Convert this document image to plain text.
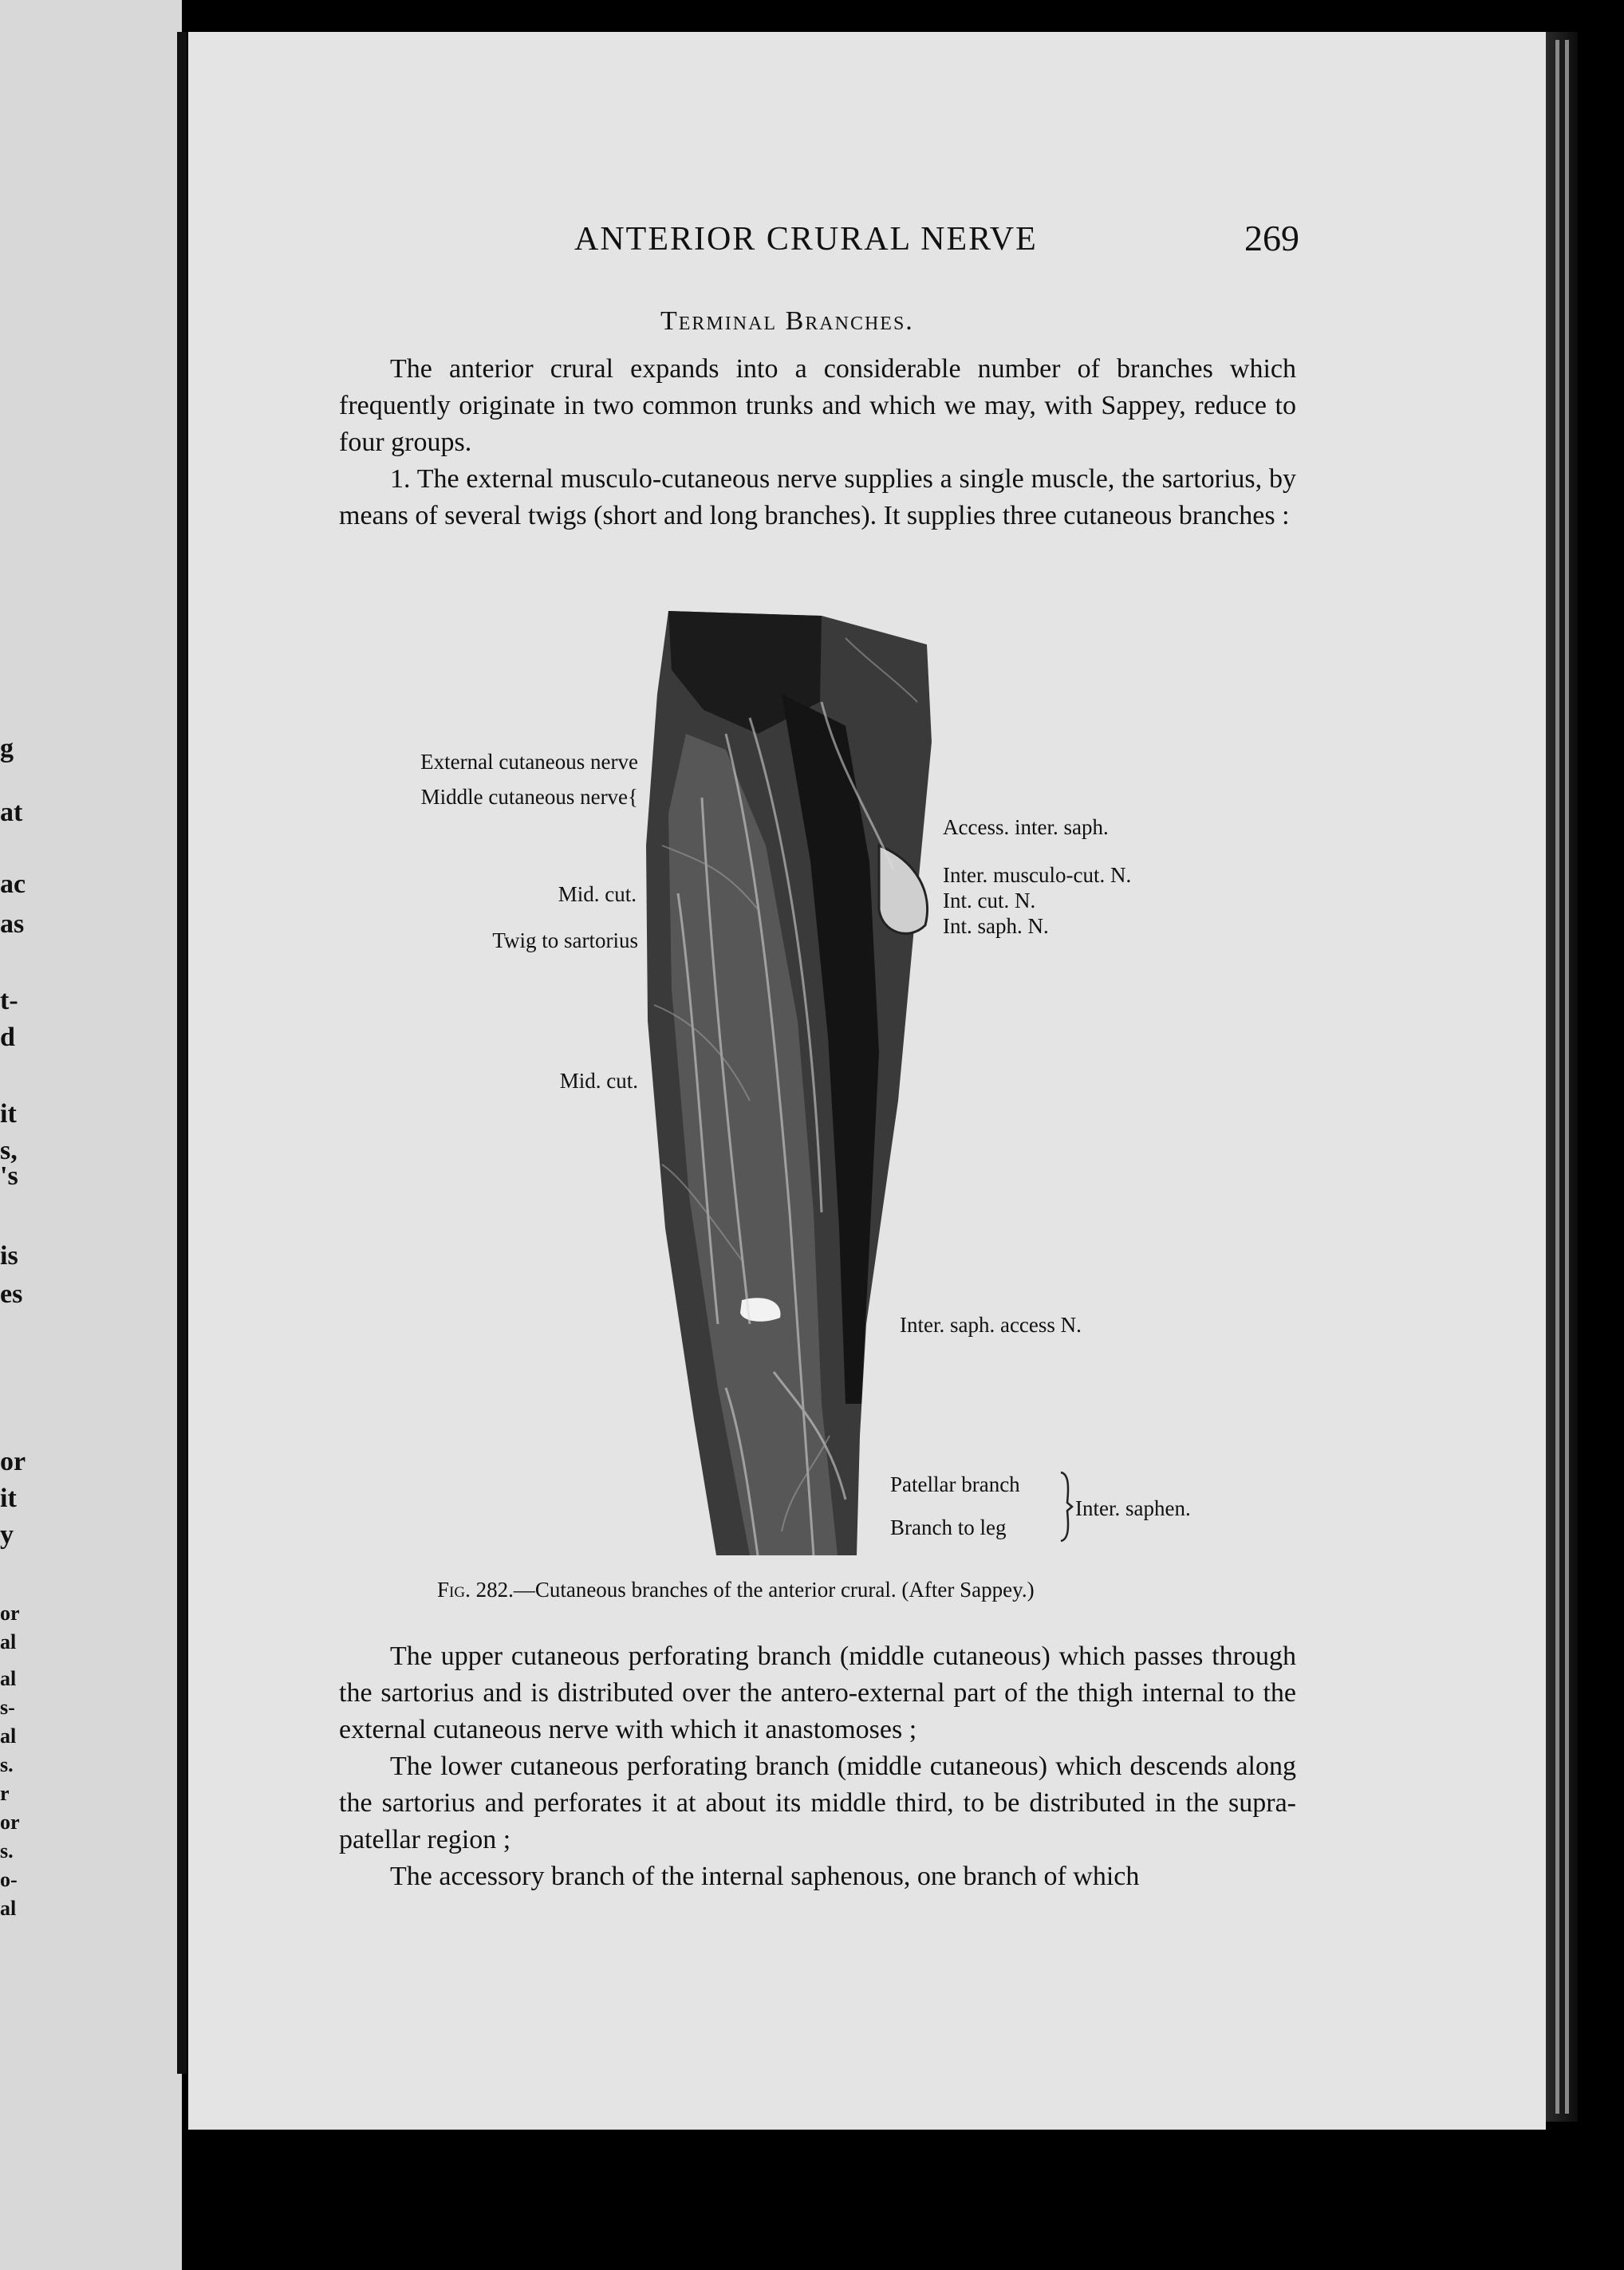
g
at
ac
as
t-
d
it
s,
's
is
es
or
it
y
or
al
al
s-
al
s.
r
or
s.
o-
al
ANTERIOR CRURAL NERVE	269
Terminal Branches.

The anterior crural expands into a considerable number of branches which frequently originate in two common trunks and which we may, with Sappey, reduce to four groups.

1. The external musculo-cutaneous nerve supplies a single muscle, the sartorius, by means of several twigs (short and long branches). It supplies three cutaneous branches :

External cutaneous nerve
Middle cutaneous nerve{
Mid. cut.
Twig to sartorius
Mid. cut.
Access. inter. saph.
Inter. musculo-cut. N.
Int. cut. N.
Int. saph. N.
Inter. saph. access N.
Patellar branch
Branch to leg
Inter. saphen.
Fig. 282.—Cutaneous branches of the anterior crural. (After Sappey.)

The upper cutaneous perforating branch (middle cutaneous) which passes through the sartorius and is distributed over the antero-external part of the thigh internal to the external cutaneous nerve with which it anastomoses ;

The lower cutaneous perforating branch (middle cutaneous) which descends along the sartorius and perforates it at about its middle third, to be distributed in the supra-patellar region ;

The accessory branch of the internal saphenous, one branch of which
